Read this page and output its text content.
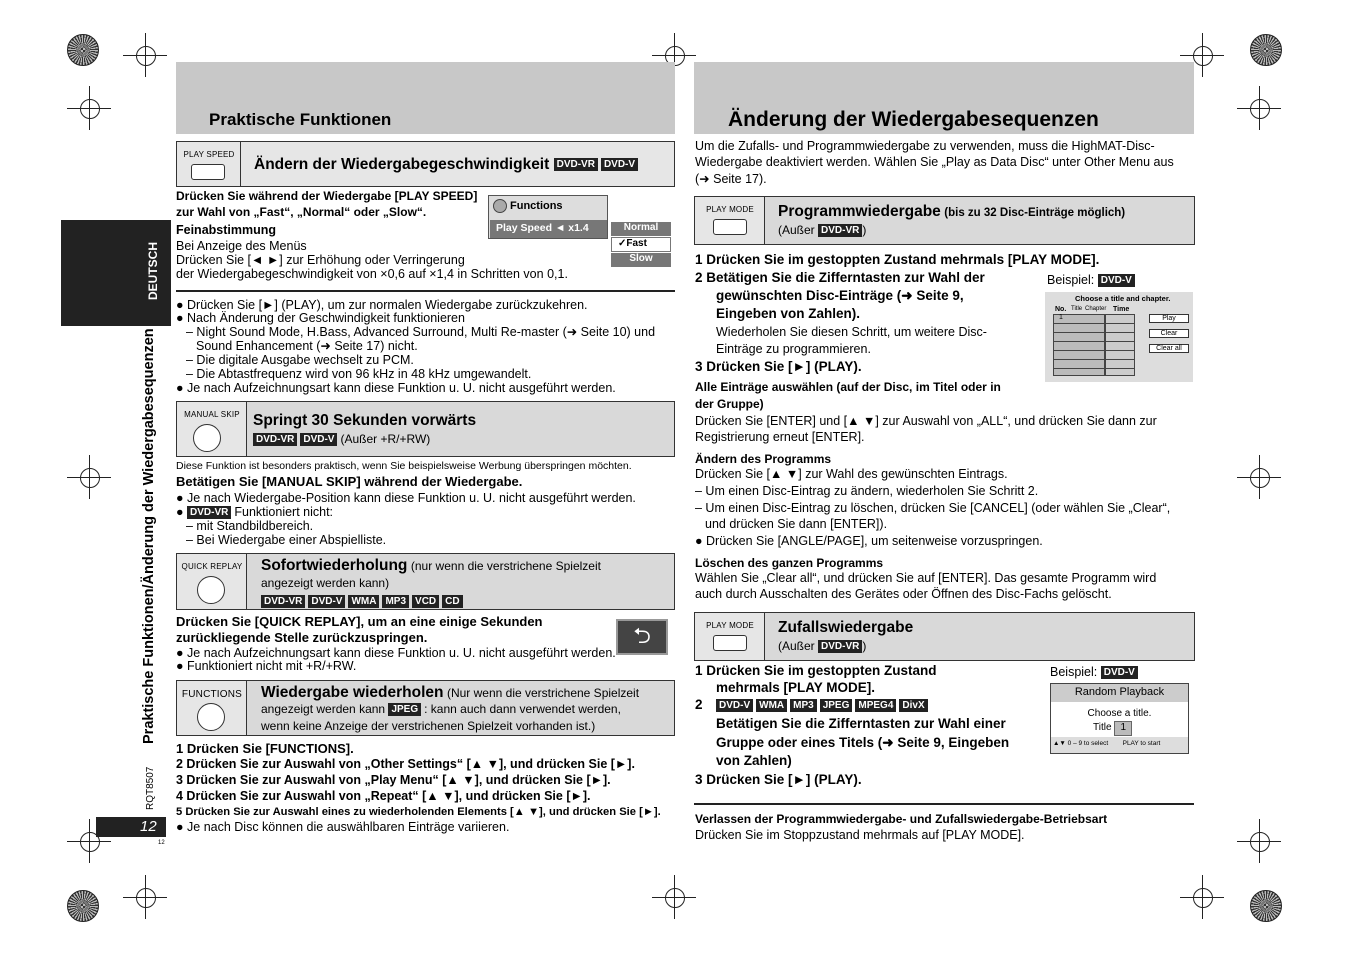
DEUTSCH
Praktische Funktionen/Änderung der Wiedergabesequenzen
RQT8507
12
12
Praktische Funktionen
PLAY SPEED
Ändern der Wiedergabegeschwindigkeit DVD-VR DVD-V
Drücken Sie während der Wiedergabe [PLAY SPEED]
zur Wahl von „Fast“, „Normal“ oder „Slow“.
Feinabstimmung
Bei Anzeige des Menüs
Drücken Sie [◄ ►] zur Erhöhung oder Verringerung
der Wiedergabegeschwindigkeit von ×0,6 auf ×1,4 in Schritten von 0,1.
Functions
Play Speed ◄ x1.4	Normal
✓Fast
Slow
● Drücken Sie [►] (PLAY), um zur normalen Wiedergabe zurückzukehren.
● Nach Änderung der Geschwindigkeit funktionieren
– Night Sound Mode, H.Bass, Advanced Surround, Multi Re-master (➜ Seite 10) und
Sound Enhancement (➜ Seite 17) nicht.
– Die digitale Ausgabe wechselt zu PCM.
– Die Abtastfrequenz wird von 96 kHz in 48 kHz umgewandelt.
● Je nach Aufzeichnungsart kann diese Funktion u. U. nicht ausgeführt werden.
MANUAL SKIP Springt 30 Sekunden vorwärts
DVD-VR DVD-V (Außer +R/+RW)
Diese Funktion ist besonders praktisch, wenn Sie beispielsweise Werbung überspringen möchten.
Betätigen Sie [MANUAL SKIP] während der Wiedergabe.
● Je nach Wiedergabe-Position kann diese Funktion u. U. nicht ausgeführt werden.
● DVD-VR Funktioniert nicht:
– mit Standbildbereich.
– Bei Wiedergabe einer Abspielliste.
QUICK REPLAY Sofortwiederholung (nur wenn die verstrichene Spielzeit
angezeigt werden kann)
DVD-VR DVD-V WMA MP3 VCD CD
Drücken Sie [QUICK REPLAY], um an eine einige Sekunden
zurückliegende Stelle zurückzuspringen.
● Je nach Aufzeichnungsart kann diese Funktion u. U. nicht ausgeführt werden.
● Funktioniert nicht mit +R/+RW.
⮌
FUNCTIONS Wiedergabe wiederholen (Nur wenn die verstrichene Spielzeit
angezeigt werden kann JPEG : kann auch dann verwendet werden,
wenn keine Anzeige der verstrichenen Spielzeit vorhanden ist.)
1 Drücken Sie [FUNCTIONS].
2 Drücken Sie zur Auswahl von „Other Settings“ [▲ ▼], und drücken Sie [►].
3 Drücken Sie zur Auswahl von „Play Menu“ [▲ ▼], und drücken Sie [►].
4 Drücken Sie zur Auswahl von „Repeat“ [▲ ▼], und drücken Sie [►].
5 Drücken Sie zur Auswahl eines zu wiederholenden Elements [▲ ▼], und drücken Sie [►].
● Je nach Disc können die auswählbaren Einträge variieren.
Änderung der Wiedergabesequenzen
Um die Zufalls- und Programmwiedergabe zu verwenden, muss die HighMAT-Disc-
Wiedergabe deaktiviert werden. Wählen Sie „Play as Data Disc“ unter Other Menu aus
(➜ Seite 17).
PLAY MODE	Programmwiedergabe (bis zu 32 Disc-Einträge möglich)
(Außer DVD-VR )
1 Drücken Sie im gestoppten Zustand mehrmals [PLAY MODE].
2 Betätigen Sie die Zifferntasten zur Wahl der
gewünschten Disc-Einträge (➜ Seite 9,
Eingeben von Zahlen).
Wiederholen Sie diesen Schritt, um weitere Disc-
Einträge zu programmieren.
3 Drücken Sie [►] (PLAY).
Beispiel: DVD-V
Choose a title and chapter.
No. Title Chapter Time
1	Play
Clear
Clear all
Alle Einträge auswählen (auf der Disc, im Titel oder in
der Gruppe)
Drücken Sie [ENTER] und [▲ ▼] zur Auswahl von „ALL“, und drücken Sie dann zur
Registrierung erneut [ENTER].
Ändern des Programms
Drücken Sie [▲ ▼] zur Wahl des gewünschten Eintrags.
– Um einen Disc-Eintrag zu ändern, wiederholen Sie Schritt 2.
– Um einen Disc-Eintrag zu löschen, drücken Sie [CANCEL] (oder wählen Sie „Clear“,
und drücken Sie dann [ENTER]).
● Drücken Sie [ANGLE/PAGE], um seitenweise vorzuspringen.
Löschen des ganzen Programms
Wählen Sie „Clear all“, und drücken Sie auf [ENTER]. Das gesamte Programm wird
auch durch Ausschalten des Gerätes oder Öffnen des Disc-Fachs gelöscht.
PLAY MODE	Zufallswiedergabe
(Außer DVD-VR )
1 Drücken Sie im gestoppten Zustand
mehrmals [PLAY MODE].
2	DVD-V WMA MP3 JPEG MPEG4 DivX
Betätigen Sie die Zifferntasten zur Wahl einer
Gruppe oder eines Titels (➜ Seite 9, Eingeben
von Zahlen)
3 Drücken Sie [►] (PLAY).
Beispiel: DVD-V
Random Playback
Choose a title.
Title 1
▲▼ 0 – 9 to select PLAY to start
Verlassen der Programmwiedergabe- und Zufallswiedergabe-Betriebsart
Drücken Sie im Stoppzustand mehrmals auf [PLAY MODE].
